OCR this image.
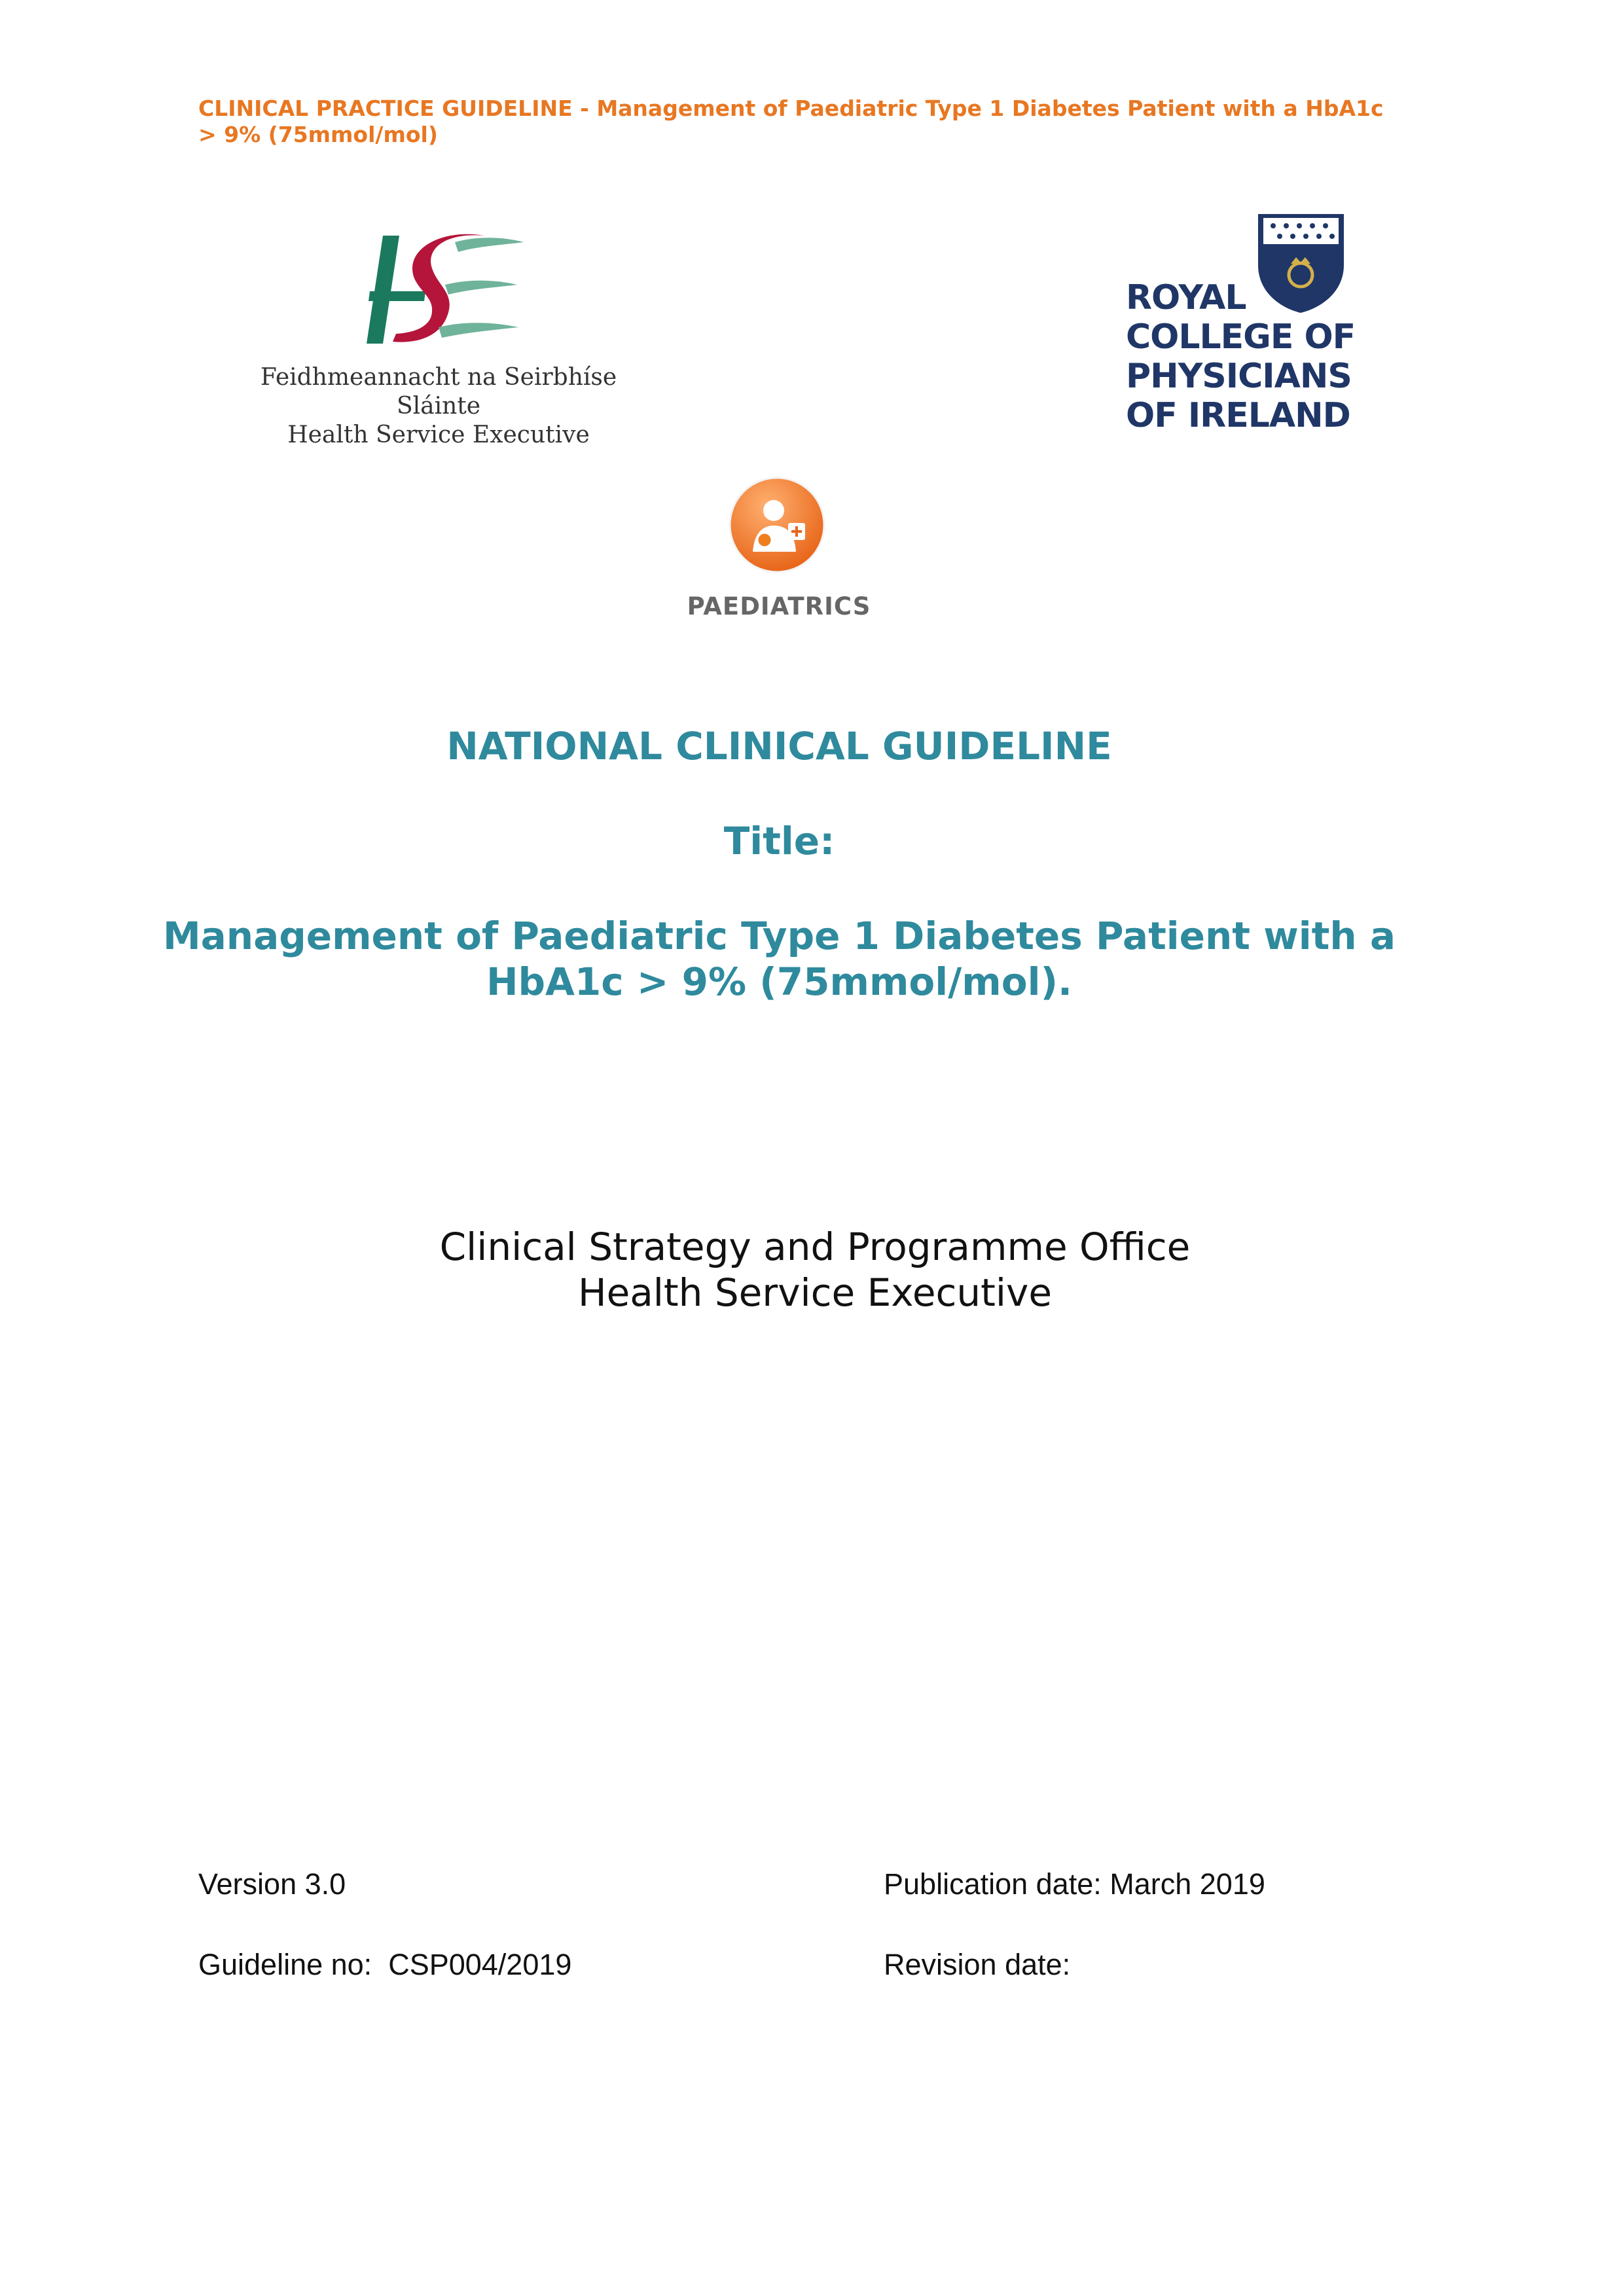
CLINICAL PRACTICE GUIDELINE - Management of Paediatric Type 1 Diabetes Patient with a HbA1c
> 9% (75mmol/mol)
Feidhmeannacht na Seirbhíse Sláinte
Health Service Executive
ROYAL
COLLEGE OF
PHYSICIANS
OF IRELAND
PAEDIATRICS
NATIONAL CLINICAL GUIDELINE
Title:
Management of Paediatric Type 1 Diabetes Patient with a
HbA1c > 9% (75mmol/mol).
Clinical Strategy and Programme Office
Health Service Executive
Version 3.0	Publication date: March 2019
Guideline no:  CSP004/2019	Revision date:
